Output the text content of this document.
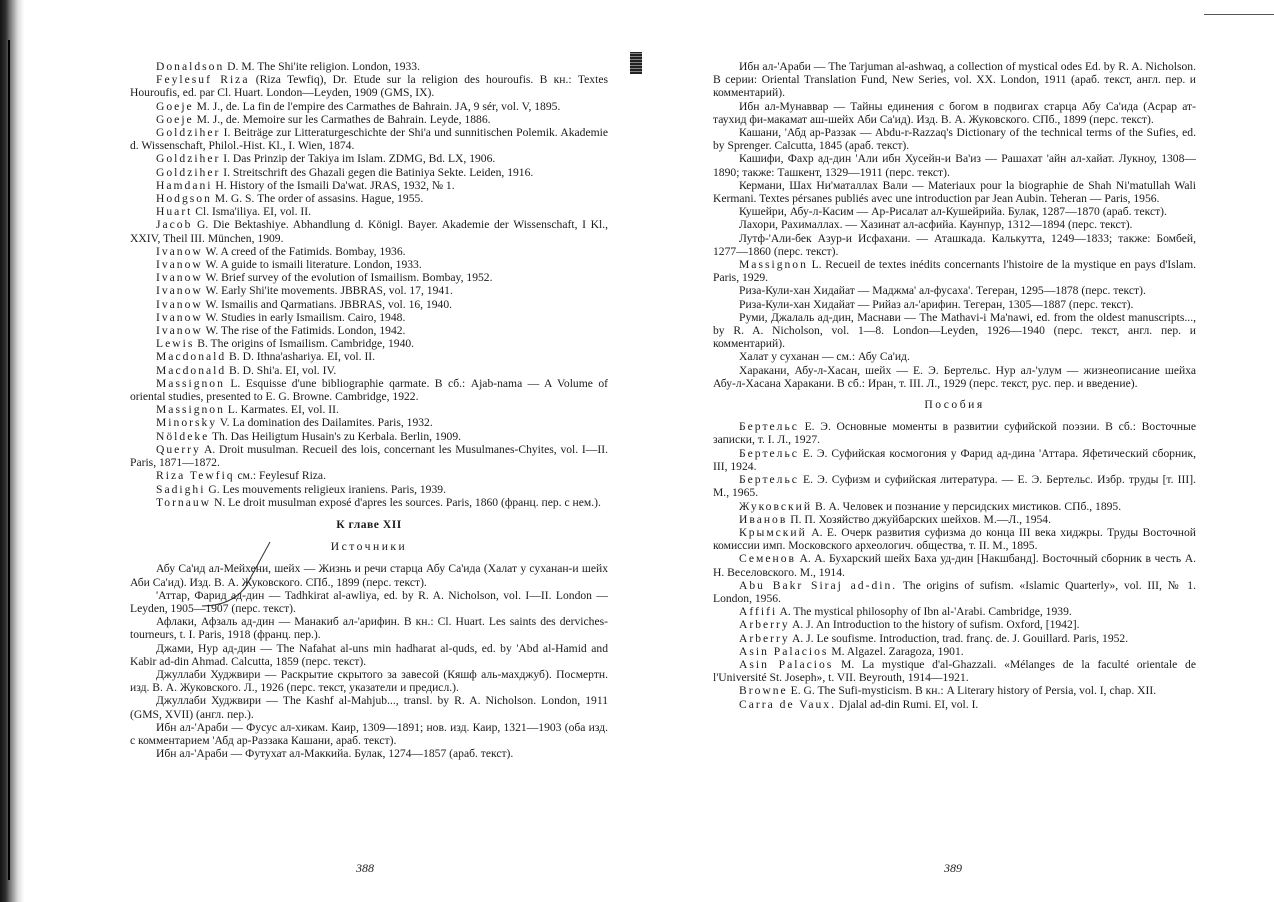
Donaldson D. M. The Shi'ite religion. London, 1933.

Feylesuf Riza (Riza Tewfiq), Dr. Etude sur la religion des houroufis. В кн.: Textes Hourоufis, ed. par Cl. Huart. London—Leyden, 1909 (GMS, IX).

Goeje M. J., de. La fin de l'empire des Carmathes de Bahrain. JA, 9 sér, vol. V, 1895.

Goeje M. J., de. Memoire sur les Carmathes de Bahrain. Leyde, 1886.

Goldziher I. Beiträge zur Litteraturgeschichte der Shi'a und sunnitischen Polemik. Akademie d. Wissenschaft, Philol.-Hist. Kl., I. Wien, 1874.

Goldziher I. Das Prinzip der Takiya im Islam. ZDMG, Bd. LX, 1906.

Goldziher I. Streitschrift des Ghazali gegen die Batiniya Sekte. Leiden, 1916.

Hamdani H. History of the Ismaili Da'wat. JRAS, 1932, № 1.

Hodgson M. G. S. The order of assasins. Hague, 1955.

Huart Cl. Isma'iliya. EI, vol. II.

Jacob G. Die Bektashiye. Abhandlung d. Königl. Bayer. Akademie der Wissenschaft, I Kl., XXIV, Theil III. München, 1909.

Ivanow W. A creed of the Fatimids. Bombay, 1936.

Ivanow W. A guide to ismaili literature. London, 1933.

Ivanow W. Brief survey of the evolution of Ismailism. Bombay, 1952.

Ivanow W. Early Shi'ite movements. JBBRAS, vol. 17, 1941.

Ivanow W. Ismailis and Qarmatians. JBBRAS, vol. 16, 1940.

Ivanow W. Studies in early Ismailism. Cairo, 1948.

Ivanow W. The rise of the Fatimids. London, 1942.

Lewis B. The origins of Ismailism. Cambridge, 1940.

Macdonald B. D. Ithna'ashariya. EI, vol. II.

Macdonald B. D. Shi'a. EI, vol. IV.

Massignon L. Esquisse d'une bibliographie qarmate. В сб.: Ajab-nama — A Volume of oriental studies, presented to E. G. Browne. Cambridge, 1922.

Massignon L. Karmates. EI, vol. II.

Minorsky V. La domination des Dailamites. Paris, 1932.

Nöldeke Th. Das Heiligtum Husain's zu Kerbala. Berlin, 1909.

Querry A. Droit musulman. Recueil des lois, concernant les Musulmanes-Chyites, vol. I—II. Paris, 1871—1872.

Riza Tewfiq см.: Feylesuf Riza.

Sadighi G. Les mouvements religieux iraniens. Paris, 1939.

Tornauw N. Le droit musulman exposé d'apres les sources. Paris, 1860 (франц. пер. с нем.).

К главе XII
Источники

Абу Са'ид ал-Мейхени, шейх — Жизнь и речи старца Абу Са'ида (Халат у суханан-и шейх Аби Са'ид). Изд. В. А. Жуковского. СПб., 1899 (перс. текст).

'Аттар, Фарид ад-дин — Tadhkirat al-awliya, ed. by R. A. Nicholson, vol. I—II. London — Leyden, 1905—1907 (перс. текст).

Афлаки, Афзаль ад-дин — Манакиб ал-'арифин. В кн.: Cl. Huart. Les saints des derviches-tourneurs, t. I. Paris, 1918 (франц. пер.).

Джами, Нур ад-дин — The Nafahat al-uns min hadharat al-quds, ed. by 'Abd al-Hamid and Kabir ad-din Ahmad. Calcutta, 1859 (перс. текст).

Джуллаби Худжвири — Раскрытие скрытого за завесой (Кяшф аль-махджуб). Посмертн. изд. В. А. Жуковского. Л., 1926 (перс. текст, указатели и предисл.).

Джуллаби Худжвири — The Kashf al-Mahjub..., transl. by R. A. Nicholson. London, 1911 (GMS, XVII) (англ. пер.).

Ибн ал-'Араби — Фусус ал-хикам. Каир, 1309—1891; нов. изд. Каир, 1321—1903 (оба изд. с комментарием 'Абд ар-Раззака Кашани, араб. текст).

Ибн ал-'Араби — Футухат ал-Маккийа. Булак, 1274—1857 (араб. текст).

388

Ибн ал-'Араби — The Tarjuman al-ashwaq, a collection of mystical odes Ed. by R. A. Nicholson. В серии: Oriental Translation Fund, New Series, vol. XX. London, 1911 (араб. текст, англ. пер. и комментарий).

Ибн ал-Мунаввар — Тайны единения с богом в подвигах старца Абу Са'ида (Асрар ат-таухид фи-макамат аш-шейх Аби Са'ид). Изд. В. А. Жуковского. СПб., 1899 (перс. текст).

Кашани, 'Абд ар-Раззак — Abdu-r-Razzaq's Dictionary of the technical terms of the Sufies, ed. by Sprenger. Calcutta, 1845 (араб. текст).

Кашифи, Фахр ад-дин 'Али ибн Хусейн-и Ва'из — Рашахат 'айн ал-хайат. Лукноу, 1308—1890; также: Ташкент, 1329—1911 (перс. текст).

Кермани, Шах Ни'маталлах Вали — Materiaux pour la biographie de Shah Ni'matullah Wali Kermani. Textes pérsanes publiés avec une introduction par Jean Aubin. Teheran — Paris, 1956.

Кушейри, Абу-л-Касим — Ар-Рисалат ал-Кушейрийа. Булак, 1287—1870 (араб. текст).

Лахори, Рахималлах. — Хазинат ал-асфийа. Каунпур, 1312—1894 (перс. текст).

Лутф-'Али-бек Азур-и Исфахани. — Аташкада. Калькутта, 1249—1833; также: Бомбей, 1277—1860 (перс. текст).

Massignon L. Recueil de textes inédits concernants l'histoire de la mystique en pays d'Islam. Paris, 1929.

Риза-Кули-хан Хидайат — Маджма' ал-фусаха'. Тегеран, 1295—1878 (перс. текст).

Риза-Кули-хан Хидайат — Рийаз ал-'арифин. Тегеран, 1305—1887 (перс. текст).

Руми, Джалаль ад-дин, Маснави — The Mathavi-i Ma'nawi, ed. from the oldest manuscripts..., by R. A. Nicholson, vol. 1—8. London—Leyden, 1926—1940 (перс. текст, англ. пер. и комментарий).

Халат у суханан — см.: Абу Са'ид.

Харакани, Абу-л-Хасан, шейх — Е. Э. Бертельс. Нур ал-'улум — жизнеописание шейха Абу-л-Хасана Харакани. В сб.: Иран, т. III. Л., 1929 (перс. текст, рус. пер. и введение).

Пособия

Бертельс Е. Э. Основные моменты в развитии суфийской поэзии. В сб.: Восточные записки, т. I. Л., 1927.

Бертельс Е. Э. Суфийская космогония у Фарид ад-дина 'Аттара. Яфетический сборник, III, 1924.

Бертельс Е. Э. Суфизм и суфийская литература. — Е. Э. Бертельс. Избр. труды [т. III]. М., 1965.

Жуковский В. А. Человек и познание у персидских мистиков. СПб., 1895.

Иванов П. П. Хозяйство джуйбарских шейхов. М.—Л., 1954.

Крымский А. Е. Очерк развития суфизма до конца III века хиджры. Труды Восточной комиссии имп. Московского археологич. общества, т. II. М., 1895.

Семенов А. А. Бухарский шейх Баха уд-дин [Накшбанд]. Восточный сборник в честь А. Н. Веселовского. М., 1914.

Abu Bakr Siraj ad-din. The origins of sufism. «Islamic Quarterly», vol. III, № 1. London, 1956.

Affifi A. The mystical philosophy of Ibn al-'Arabi. Cambridge, 1939.

Arberry A. J. An Introduction to the history of sufism. Oxford, [1942].

Arberry A. J. Le soufisme. Introduction, trad. franç. de. J. Gouillard. Paris, 1952.

Asin Palacios M. Algazel. Zaragoza, 1901.

Asin Palacios M. La mystique d'al-Ghazzali. «Mélanges de la faculté orientale de l'Université St. Joseph», t. VII. Beyrouth, 1914—1921.

Browne E. G. The Sufi-mysticism. В кн.: A Literary history of Persia, vol. I, chap. XII.

Carra de Vaux. Djalal ad-din Rumi. EI, vol. I.

389
